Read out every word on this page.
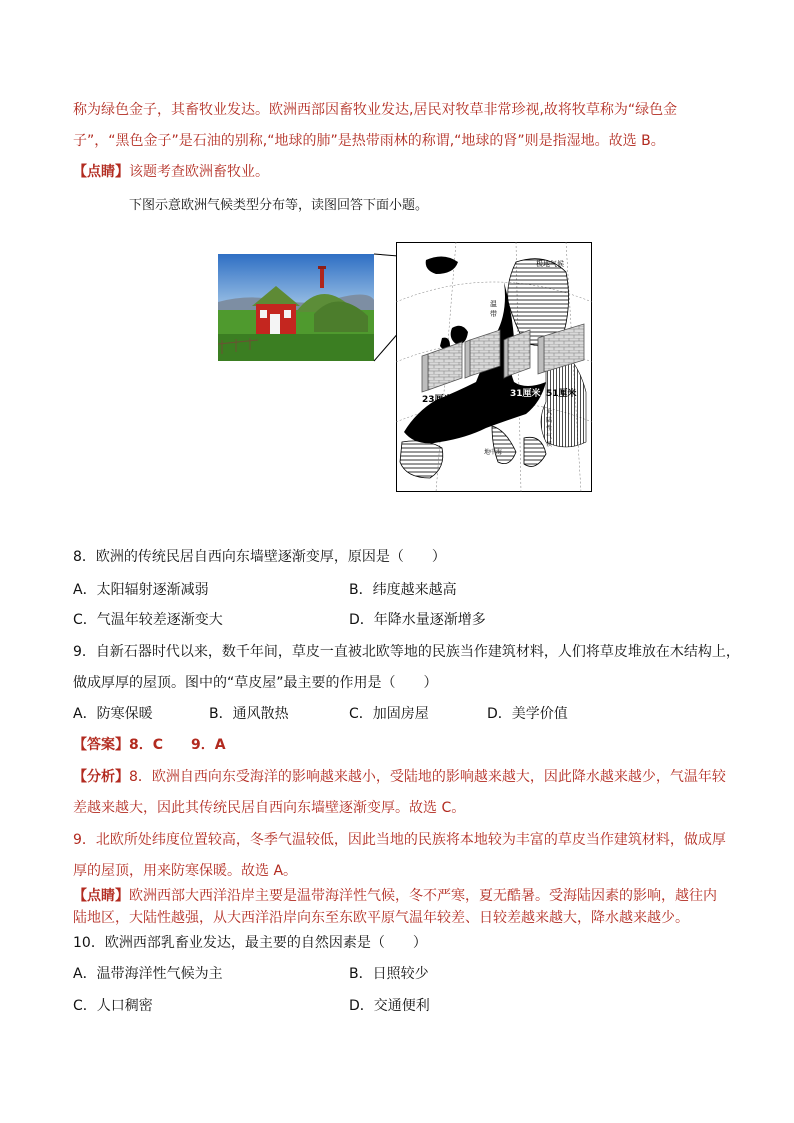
称为绿色金子，其畜牧业发达。欧洲西部因畜牧业发达,居民对牧草非常珍视,故将牧草称为“绿色金
子”，“黑色金子”是石油的别称,“地球的肺”是热带雨林的称谓,“地球的肾”则是指湿地。故选 B。
【点睛】该题考查欧洲畜牧业。
下图示意欧洲气候类型分布等，读图回答下面小题。
极地气候
温
带
23厘米
31厘米 51厘米
大
陆
性
气
候
地中海
8．欧洲的传统民居自西向东墙壁逐渐变厚，原因是（　　）
A．太阳辐射逐渐减弱	B．纬度越来越高
C．气温年较差逐渐变大	D．年降水量逐渐增多
9．自新石器时代以来，数千年间，草皮一直被北欧等地的民族当作建筑材料，人们将草皮堆放在木结构上，
做成厚厚的屋顶。图中的“草皮屋”最主要的作用是（　　）
A．防寒保暖	B．通风散热	C．加固房屋	D．美学价值
【答案】8．C　　9．A
【分析】8．欧洲自西向东受海洋的影响越来越小，受陆地的影响越来越大，因此降水越来越少，气温年较
差越来越大，因此其传统民居自西向东墙壁逐渐变厚。故选 C。
9．北欧所处纬度位置较高，冬季气温较低，因此当地的民族将本地较为丰富的草皮当作建筑材料，做成厚
厚的屋顶，用来防寒保暖。故选 A。
【点睛】欧洲西部大西洋沿岸主要是温带海洋性气候，冬不严寒，夏无酷暑。受海陆因素的影响，越往内
陆地区，大陆性越强，从大西洋沿岸向东至东欧平原气温年较差、日较差越来越大，降水越来越少。
10．欧洲西部乳畜业发达，最主要的自然因素是（　　）
A．温带海洋性气候为主	B．日照较少
C．人口稠密	D．交通便利
